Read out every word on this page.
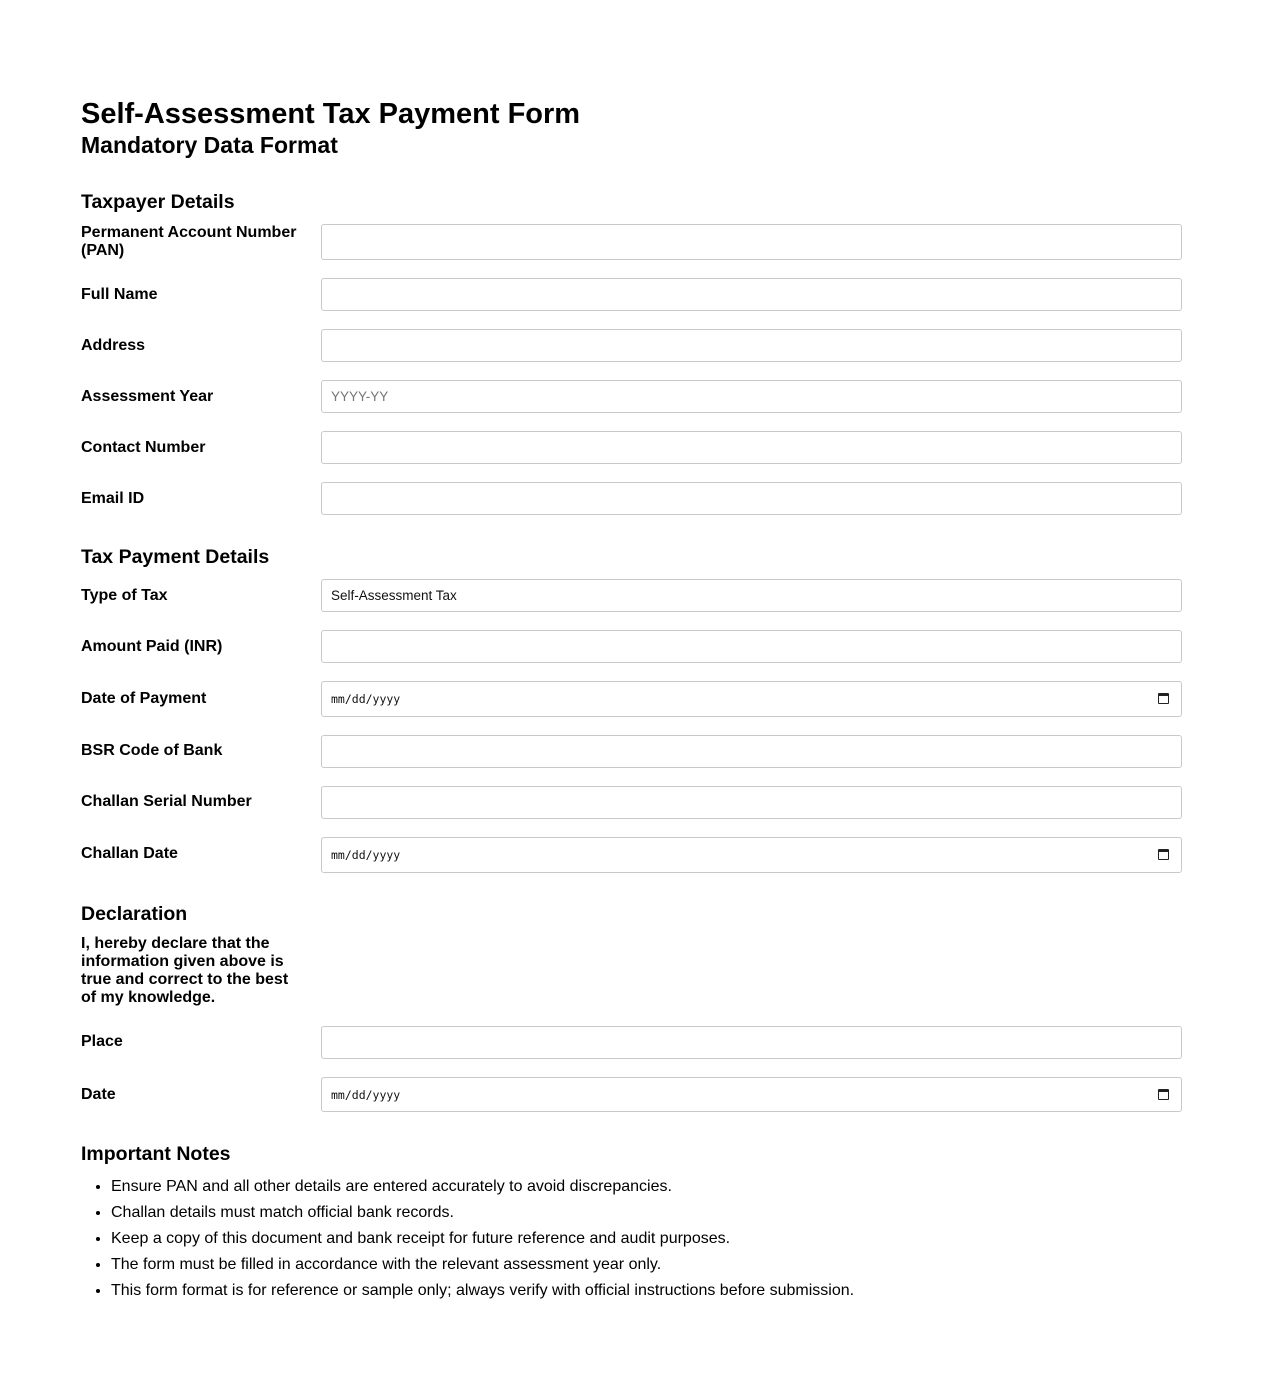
Self-Assessment Tax Payment Form
Mandatory Data Format
Taxpayer Details
Permanent Account Number (PAN)
Full Name
Address
Assessment Year	YYYY-YY
Contact Number
Email ID
Tax Payment Details
Type of Tax	Self-Assessment Tax
Amount Paid (INR)
Date of Payment	mm/dd/yyyy
BSR Code of Bank
Challan Serial Number
Challan Date	mm/dd/yyyy
Declaration

I, hereby declare that the information given above is true and correct to the best of my knowledge.

Place
Date	mm/dd/yyyy
Important Notes
• Ensure PAN and all other details are entered accurately to avoid discrepancies.
• Challan details must match official bank records.
• Keep a copy of this document and bank receipt for future reference and audit purposes.
• The form must be filled in accordance with the relevant assessment year only.
• This form format is for reference or sample only; always verify with official instructions before submission.
